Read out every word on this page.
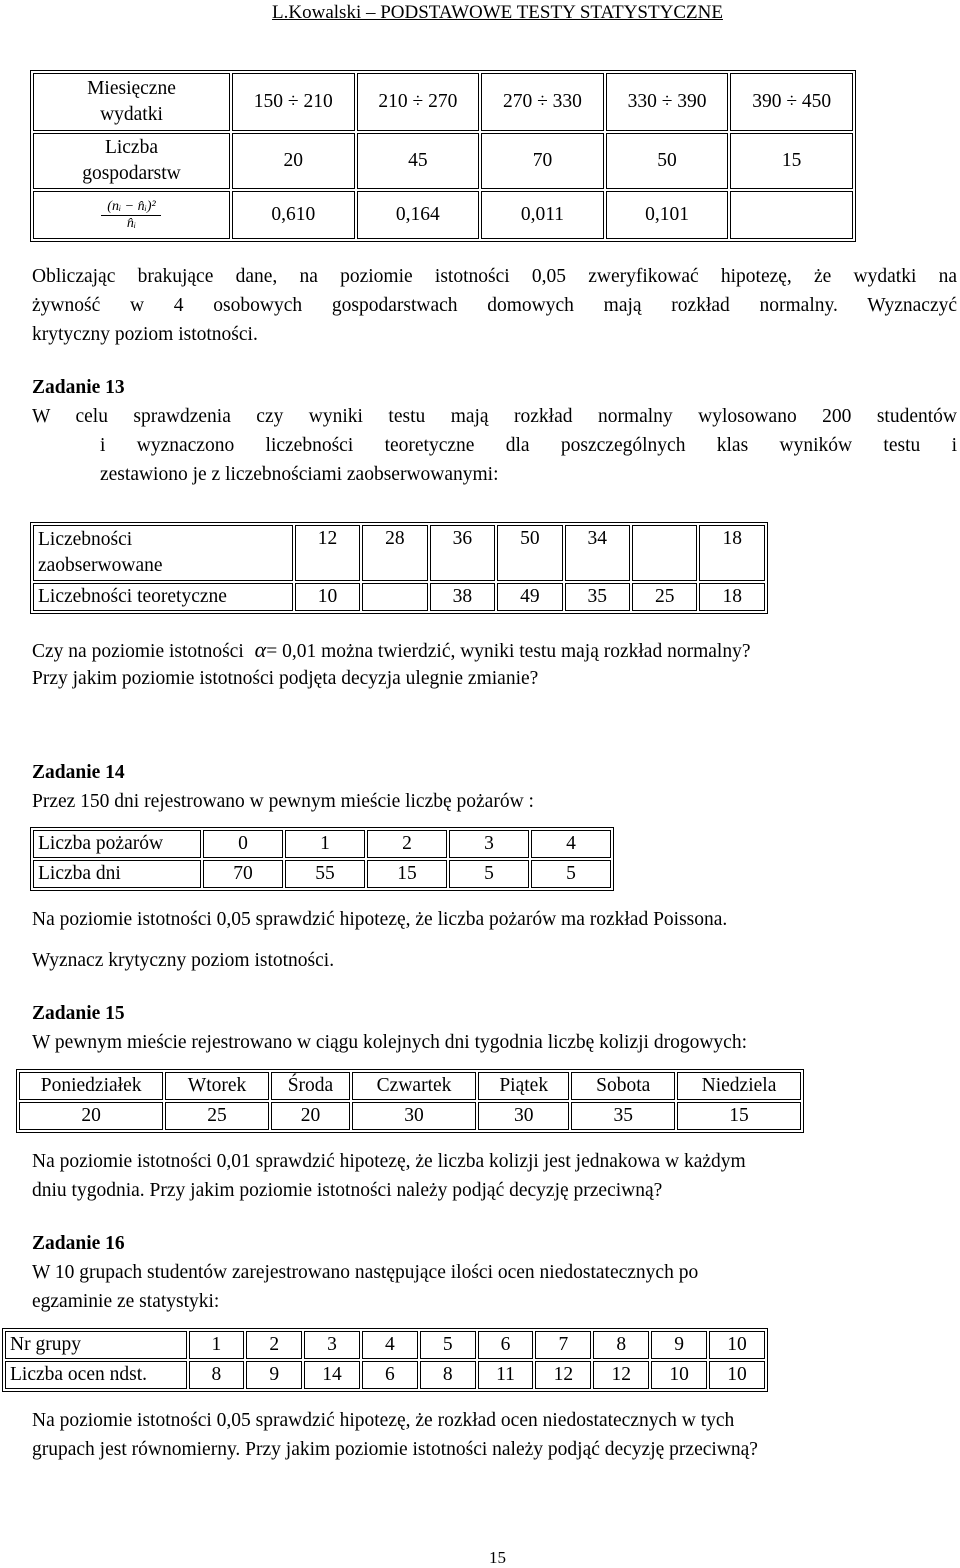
L.Kowalski – PODSTAWOWE TESTY STATYSTYCZNE
Miesięczne
wydatki	150 ÷ 210	210 ÷ 270	270 ÷ 330	330 ÷ 390	390 ÷ 450
Liczba
gospodarstw	20	45	70	50	15

(nᵢ − n̂ᵢ)²
n̂ᵢ	0,610	0,164	0,011	0,101	
Obliczając brakujące dane, na poziomie istotności 0,05 zweryfikować hipotezę, że wydatki na
żywność w 4 osobowych gospodarstwach domowych mają rozkład normalny. Wyznaczyć
krytyczny poziom istotności.
Zadanie 13
W celu sprawdzenia czy wyniki testu mają rozkład normalny wylosowano 200 studentów
i wyznaczono liczebności teoretyczne dla poszczególnych klas wyników testu i
zestawiono je z liczebnościami zaobserwowanymi:
Liczebności
zaobserwowane	12	28	36	50	34		18
Liczebności teoretyczne	10		38	49	35	25	18
Czy na poziomie istotności α= 0,01 można twierdzić, wyniki testu mają rozkład normalny?
Przy jakim poziomie istotności podjęta decyzja ulegnie zmianie?
Zadanie 14
Przez 150 dni rejestrowano w pewnym mieście liczbę pożarów :
Liczba pożarów	0	1	2	3	4
Liczba dni	70	55	15	5	5
Na poziomie istotności 0,05 sprawdzić hipotezę, że liczba pożarów ma rozkład Poissona.
Wyznacz krytyczny poziom istotności.
Zadanie 15
W pewnym mieście rejestrowano w ciągu kolejnych dni tygodnia liczbę kolizji drogowych:
Poniedziałek	Wtorek	Środa	Czwartek	Piątek	Sobota	Niedziela
20	25	20	30	30	35	15
Na poziomie istotności 0,01 sprawdzić hipotezę, że liczba kolizji jest jednakowa w każdym
dniu tygodnia. Przy jakim poziomie istotności należy podjąć decyzję przeciwną?
Zadanie 16
W 10 grupach studentów zarejestrowano następujące ilości ocen niedostatecznych po
egzaminie ze statystyki:
Nr grupy	1	2	3	4	5	6	7	8	9	10
Liczba ocen ndst.	8	9	14	6	8	11	12	12	10	10
Na poziomie istotności 0,05 sprawdzić hipotezę, że rozkład ocen niedostatecznych w tych
grupach jest równomierny. Przy jakim poziomie istotności należy podjąć decyzję przeciwną?
15
